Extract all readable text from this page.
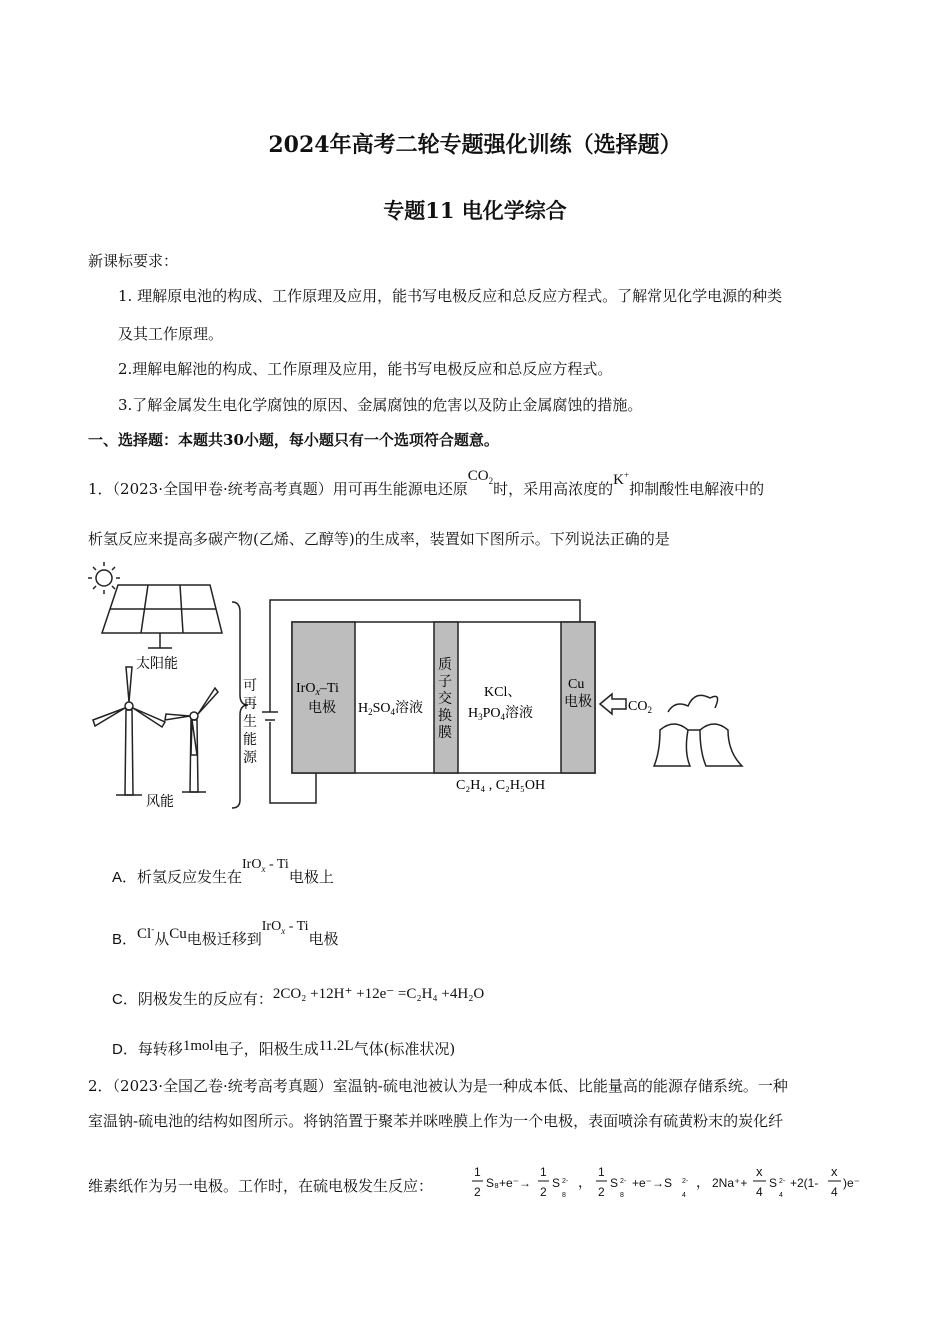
2024年高考二轮专题强化训练（选择题）
专题11 电化学综合
新课标要求：
1. 理解原电池的构成、工作原理及应用，能书写电极反应和总反应方程式。了解常见化学电源的种类
及其工作原理。
2.理解电解池的构成、工作原理及应用，能书写电极反应和总反应方程式。
3.了解金属发生电化学腐蚀的原因、金属腐蚀的危害以及防止金属腐蚀的措施。
一、选择题：本题共30小题，每小题只有一个选项符合题意。
1．（2023·全国甲卷·统考高考真题）用可再生能源电还原$CO_2$时，采用高浓度的K+抑制酸性电解液中的
析氢反应来提高多碳产物(乙烯、乙醇等)的生成率，装置如下图所示。下列说法正确的是
太阳能
风能
可
再
生
能
源
IrO$_x$–Ti
电极 $H_2SO_4$溶液
质
子
交
换
膜
KCl、
$H_3PO_4$溶液
Cu
电极	$CO_2$
C₂H₄ , C₂H₅OH
A．析氢反应发生在IrO$_x$ - Ti电极上
B．Cl-从Cu电极迁移到IrO$_x$ - Ti电极
C．阴极发生的反应有：2CO₂ +12H⁺ +12e⁻ =C₂H₄ +4H₂O
D．每转移1mol电子，阳极生成11.2L气体(标准状况)
2．（2023·全国乙卷·统考高考真题）室温钠-硫电池被认为是一种成本低、比能量高的能源存储系统。一种
室温钠-硫电池的结构如图所示。将钠箔置于聚苯并咪唑膜上作为一个电极，表面喷涂有硫黄粉末的炭化纤
维素纸作为另一电极。工作时，在硫电极发生反应：
1
2
S₈+e⁻→
1
2
S 2-
8
，
1
2
S 2-
8
+e⁻→S 2-
4
， 2Na⁺+
x
4
S 2-
4
+2(1-
x
4
)e⁻
